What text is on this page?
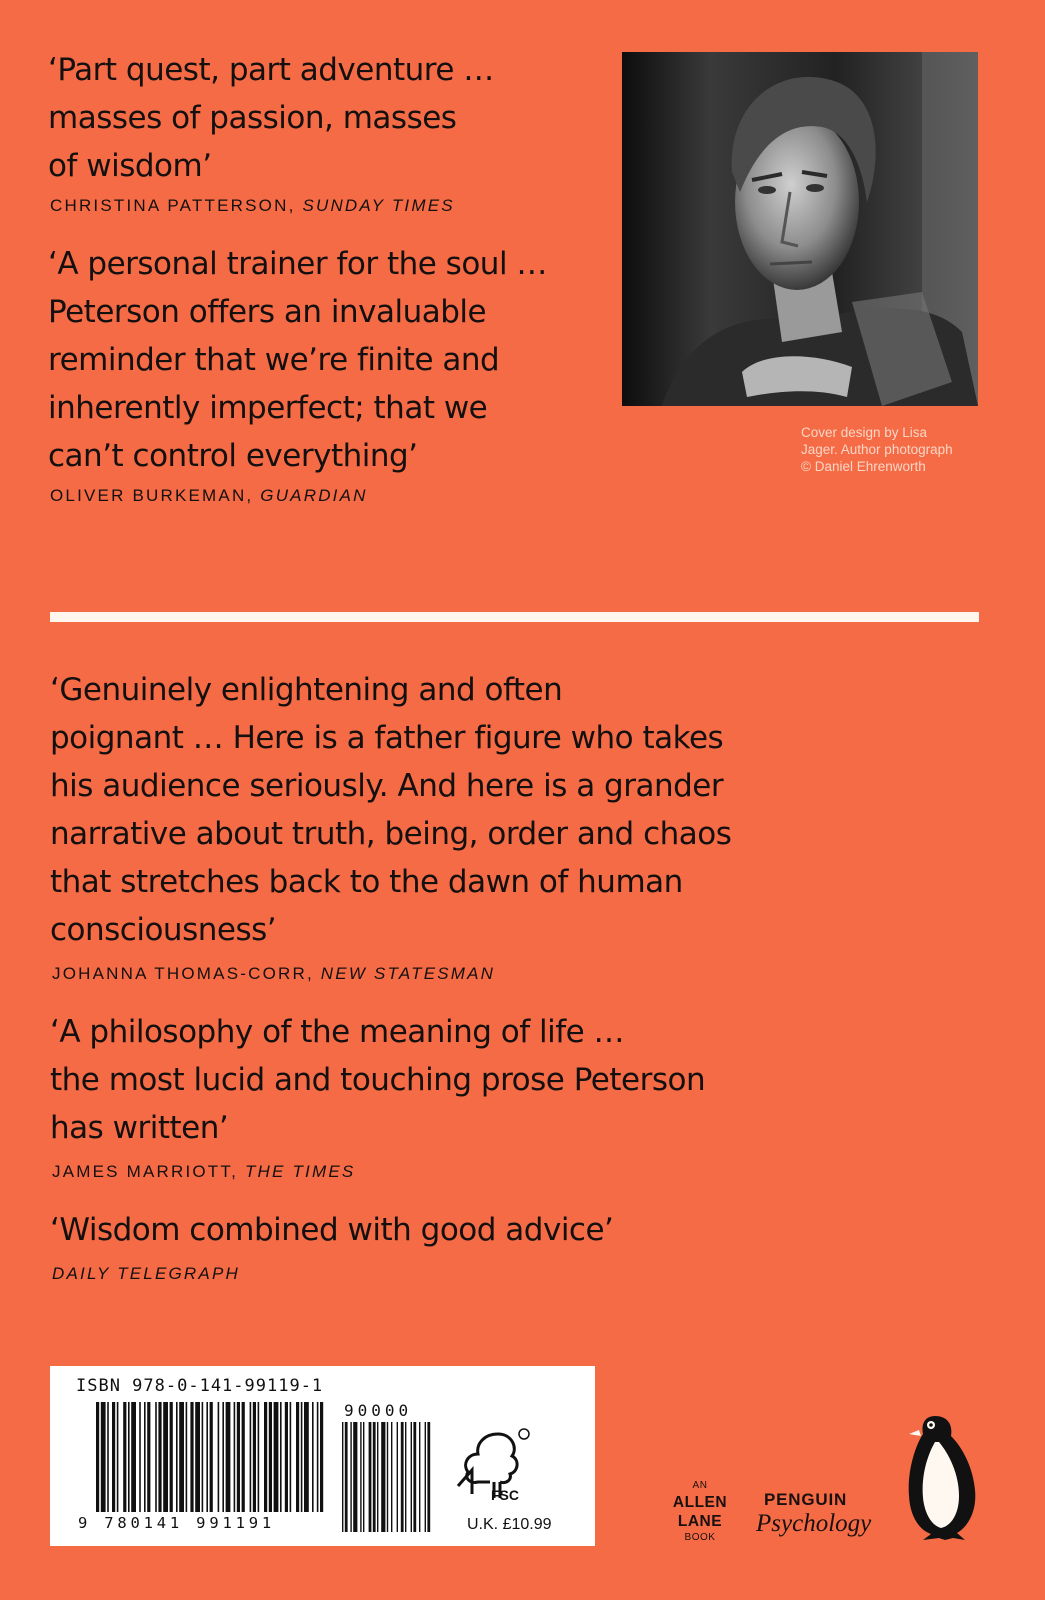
‘Part quest, part adventure …
masses of passion, masses
of wisdom’

CHRISTINA PATTERSON, SUNDAY TIMES

‘A personal trainer for the soul …
Peterson offers an invaluable
reminder that we’re finite and
inherently imperfect; that we
can’t control everything’

OLIVER BURKEMAN, GUARDIAN

Cover design by Lisa
Jager. Author photograph
© Daniel Ehrenworth

‘Genuinely enlightening and often
poignant … Here is a father figure who takes
his audience seriously. And here is a grander
narrative about truth, being, order and chaos
that stretches back to the dawn of human
consciousness’

JOHANNA THOMAS-CORR, NEW STATESMAN

‘A philosophy of the meaning of life …
the most lucid and touching prose Peterson
has written’

JAMES MARRIOTT, THE TIMES

‘Wisdom combined with good advice’

DAILY TELEGRAPH

ISBN 978-0-141-99119-1
90000
FSC
9 780141 991191	U.K. £10.99
AN
ALLEN
LANE
BOOK
PENGUIN
Psychology
